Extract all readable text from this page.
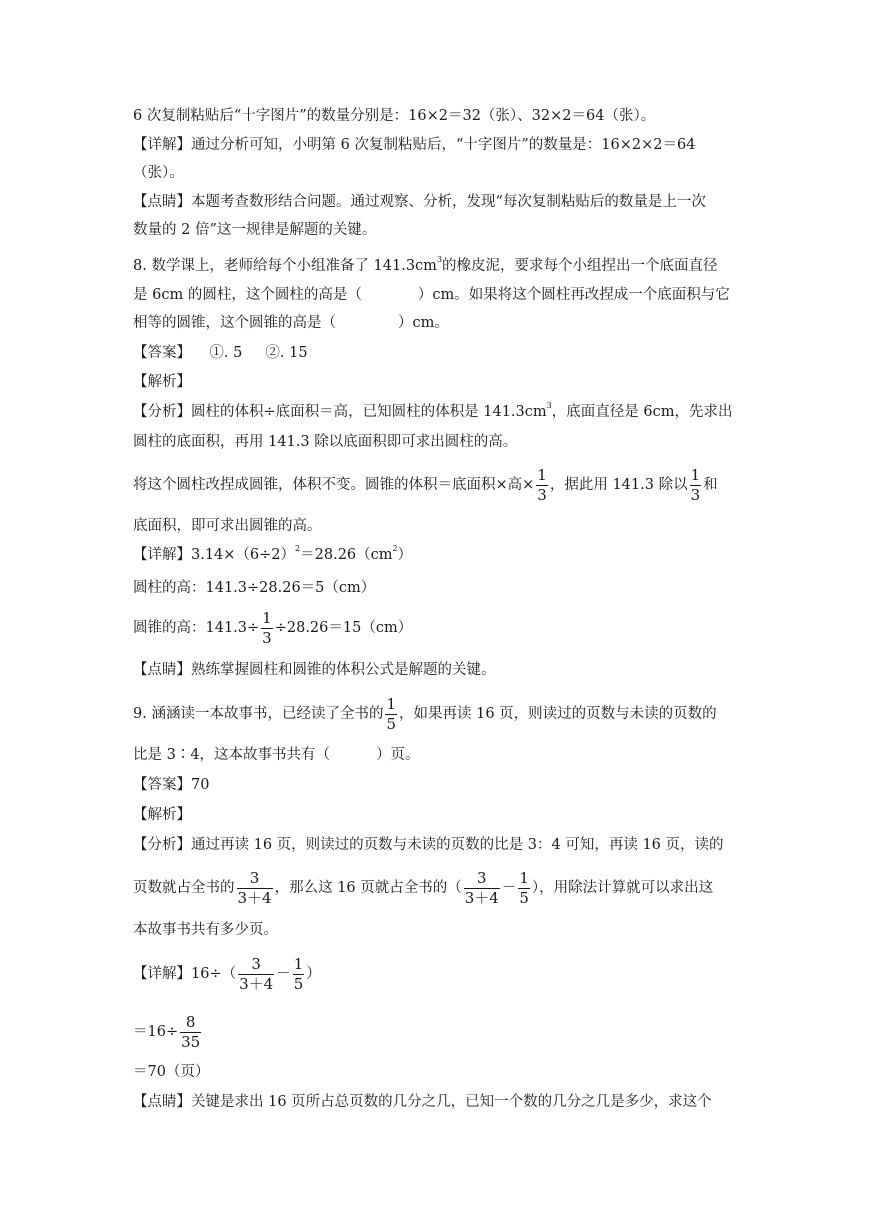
6 次复制粘贴后“十字图片”的数量分别是：16×2＝32（张）、32×2＝64（张）。
【详解】通过分析可知，小明第 6 次复制粘贴后，“十字图片”的数量是：16×2×2＝64
（张）。
【点睛】本题考查数形结合问题。通过观察、分析，发现“每次复制粘贴后的数量是上一次
数量的 2 倍”这一规律是解题的关键。
8. 数学课上，老师给每个小组准备了 $141.3cm^3$的橡皮泥，要求每个小组捏出一个底面直径
是 6cm 的圆柱，这个圆柱的高是（	）cm。如果将这个圆柱再改捏成一个底面积与它
相等的圆锥，这个圆锥的高是（	）cm。
【答案】    ①. 5     ②. 15
【解析】
【分析】圆柱的体积÷底面积＝高，已知圆柱的体积是 $141.3cm^3$，底面直径是 6cm，先求出
圆柱的底面积，再用 141.3 除以底面积即可求出圆柱的高。
将这个圆柱改捏成圆锥，体积不变。圆锥的体积＝底面积×高× $\frac{1}{3}$ ，据此用 141.3 除以 $\frac{1}{3}$ 和
底面积，即可求出圆锥的高。
【详解】$3.14\times(6\div 2)^2=28.26(cm^2)$
圆柱的高：141.3÷28.26＝5（cm）
圆锥的高：$141.3\div \frac{1}{3} \div 28.26=15(cm)$
【点睛】熟练掌握圆柱和圆锥的体积公式是解题的关键。
9. 涵涵读一本故事书，已经读了全书的 $\frac{1}{5}$ ，如果再读 16 页，则读过的页数与未读的页数的
比是 3∶4，这本故事书共有（	）页。
【答案】70
【解析】
【分析】通过再读 16 页，则读过的页数与未读的页数的比是 3：4 可知，再读 16 页，读的
页数就占全书的 $\frac{3}{3+4}$ ，那么这 16 页就占全书的（ $\frac{3}{3+4} - \frac{1}{5}$ ），用除法计算就可以求出这
本故事书共有多少页。
【详解】$16\div( \frac{3}{3+4} - \frac{1}{5}$ ）
$=16\div \frac{8}{35}$
＝70（页）
【点睛】关键是求出 16 页所占总页数的几分之几，已知一个数的几分之几是多少，求这个
